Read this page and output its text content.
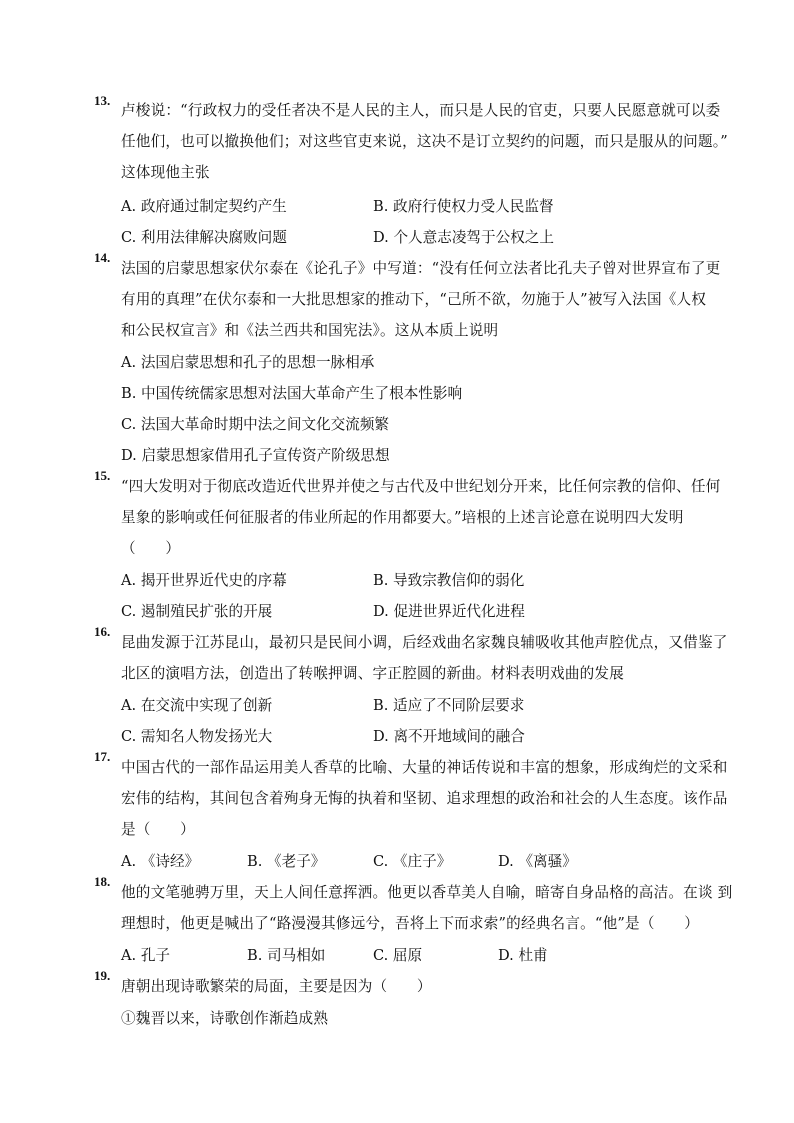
13.
卢梭说：“行政权力的受任者决不是人民的主人，而只是人民的官吏，只要人民愿意就可以委
任他们，也可以撤换他们；对这些官吏来说，这决不是订立契约的问题，而只是服从的问题。”
这体现他主张
A. 政府通过制定契约产生	B. 政府行使权力受人民监督
C. 利用法律解决腐败问题	D. 个人意志凌驾于公权之上
14.
法国的启蒙思想家伏尔泰在《论孔子》中写道：“没有任何立法者比孔夫子曾对世界宣布了更
有用的真理”在伏尔泰和一大批思想家的推动下，“己所不欲，勿施于人”被写入法国《人权
和公民权宣言》和《法兰西共和国宪法》。这从本质上说明
A. 法国启蒙思想和孔子的思想一脉相承
B. 中国传统儒家思想对法国大革命产生了根本性影响
C. 法国大革命时期中法之间文化交流频繁
D. 启蒙思想家借用孔子宣传资产阶级思想
15.
“四大发明对于彻底改造近代世界并使之与古代及中世纪划分开来，比任何宗教的信仰、任何
星象的影响或任何征服者的伟业所起的作用都要大。”培根的上述言论意在说明四大发明
（　　）
A. 揭开世界近代史的序幕	B. 导致宗教信仰的弱化
C. 遏制殖民扩张的开展	D. 促进世界近代化进程
16.
昆曲发源于江苏昆山，最初只是民间小调，后经戏曲名家魏良辅吸收其他声腔优点，又借鉴了
北区的演唱方法，创造出了转喉押调、字正腔圆的新曲。材料表明戏曲的发展
A. 在交流中实现了创新	B. 适应了不同阶层要求
C. 需知名人物发扬光大	D. 离不开地域间的融合
17.
中国古代的一部作品运用美人香草的比喻、大量的神话传说和丰富的想象，形成绚烂的文采和
宏伟的结构，其间包含着殉身无悔的执着和坚韧、追求理想的政治和社会的人生态度。该作品
是（　　）
A. 《诗经》	B. 《老子》	C. 《庄子》	D. 《离骚》
18.
他的文笔驰骋万里，天上人间任意挥洒。他更以香草美人自喻，暗寄自身品格的高洁。在谈 到
理想时，他更是喊出了“路漫漫其修远兮，吾将上下而求索”的经典名言。“他”是（　　）
A. 孔子	B. 司马相如	C. 屈原	D. 杜甫
19.
唐朝出现诗歌繁荣的局面，主要是因为（　　）
①魏晋以来，诗歌创作渐趋成熟
